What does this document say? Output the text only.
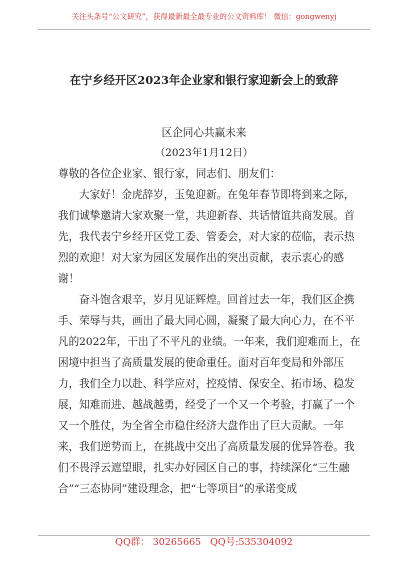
关注头条号“公文研究”，获得最新最全最专业的公文资料库！ 微信：gongwenyj
在宁乡经开区2023年企业家和银行家迎新会上的致辞
区企同心共赢未来
（2023年1月12日）

尊敬的各位企业家、银行家，同志们、朋友们：

大家好！金虎辞岁，玉兔迎新。在兔年春节即将到来之际，我们诚挚邀请大家欢聚一堂，共迎新春、共话情谊共商发展。首先，我代表宁乡经开区党工委、管委会，对大家的莅临，表示热烈的欢迎！对大家为园区发展作出的突出贡献，表示衷心的感谢！

奋斗饱含艰辛，岁月见证辉煌。回首过去一年，我们区企携手、荣辱与共，画出了最大同心圆，凝聚了最大向心力，在不平凡的2022年，干出了不平凡的业绩。一年来，我们迎难而上，在困境中担当了高质量发展的使命重任。面对百年变局和外部压力，我们全力以赴、科学应对，控疫情、保安全、拓市场、稳发展，知难而进、越战越勇，经受了一个又一个考验，打赢了一个又一个胜仗，为全省全市稳住经济大盘作出了巨大贡献。一年来，我们逆势而上，在挑战中交出了高质量发展的优异答卷。我们不畏浮云遮望眼，扎实办好园区自己的事，持续深化“三生融合”“三态协同”建设理念，把“七等项目”的承诺变成

QQ群： 30265665 QQ号:535304092
